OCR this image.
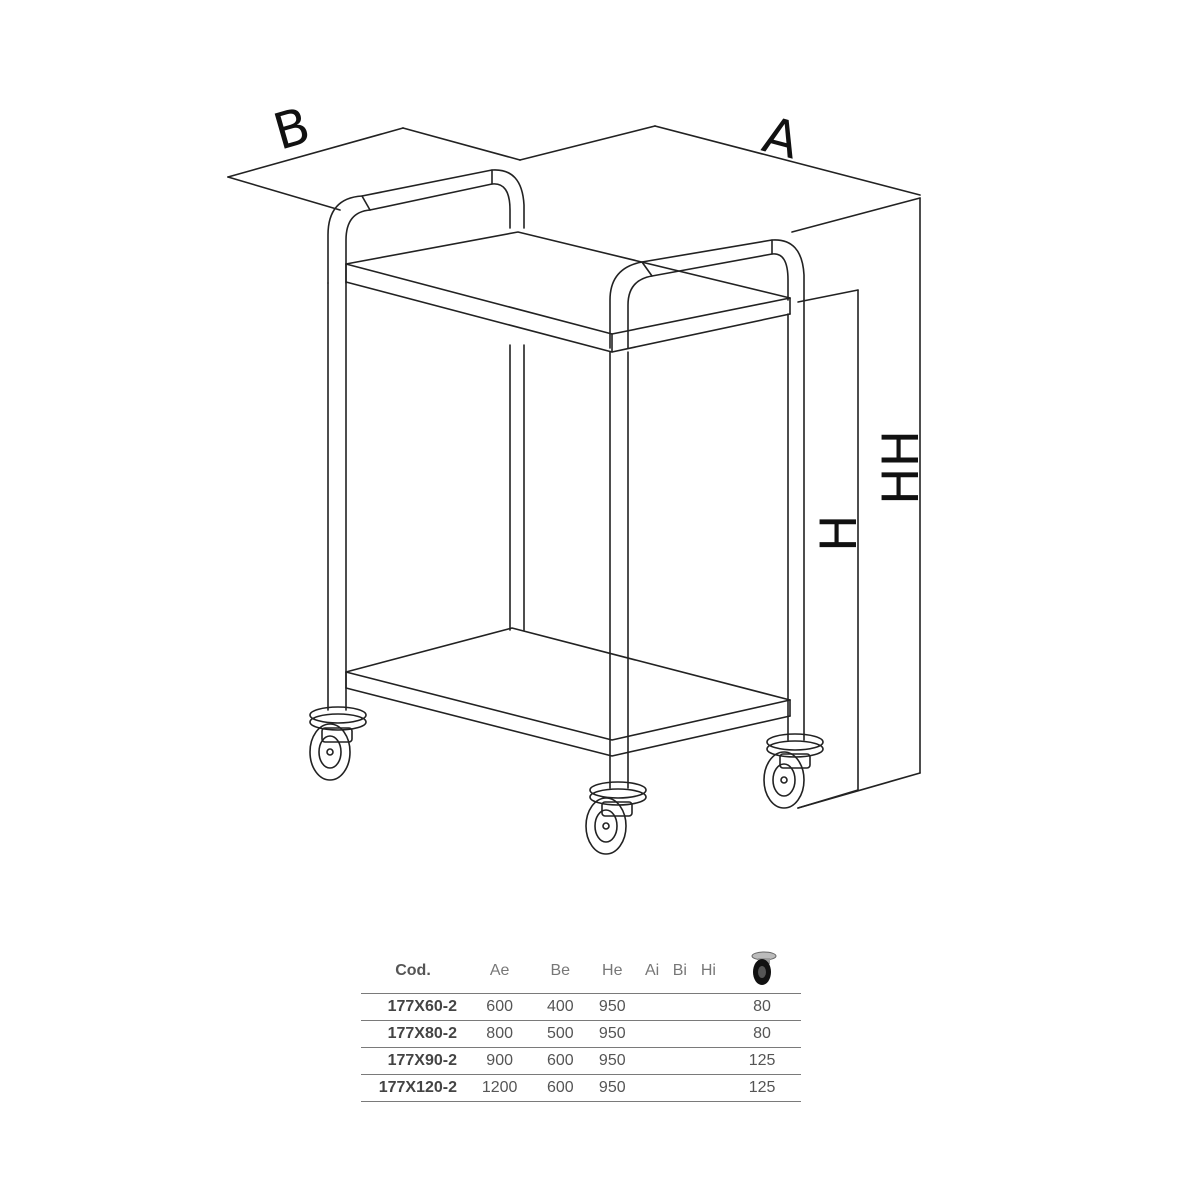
B	A
HH
H
Cod.	Ae	Be	He	Ai	Bi	Hi	
177X60-2	600	400	950				80
177X80-2	800	500	950				80
177X90-2	900	600	950				125
177X120-2	1200	600	950				125
